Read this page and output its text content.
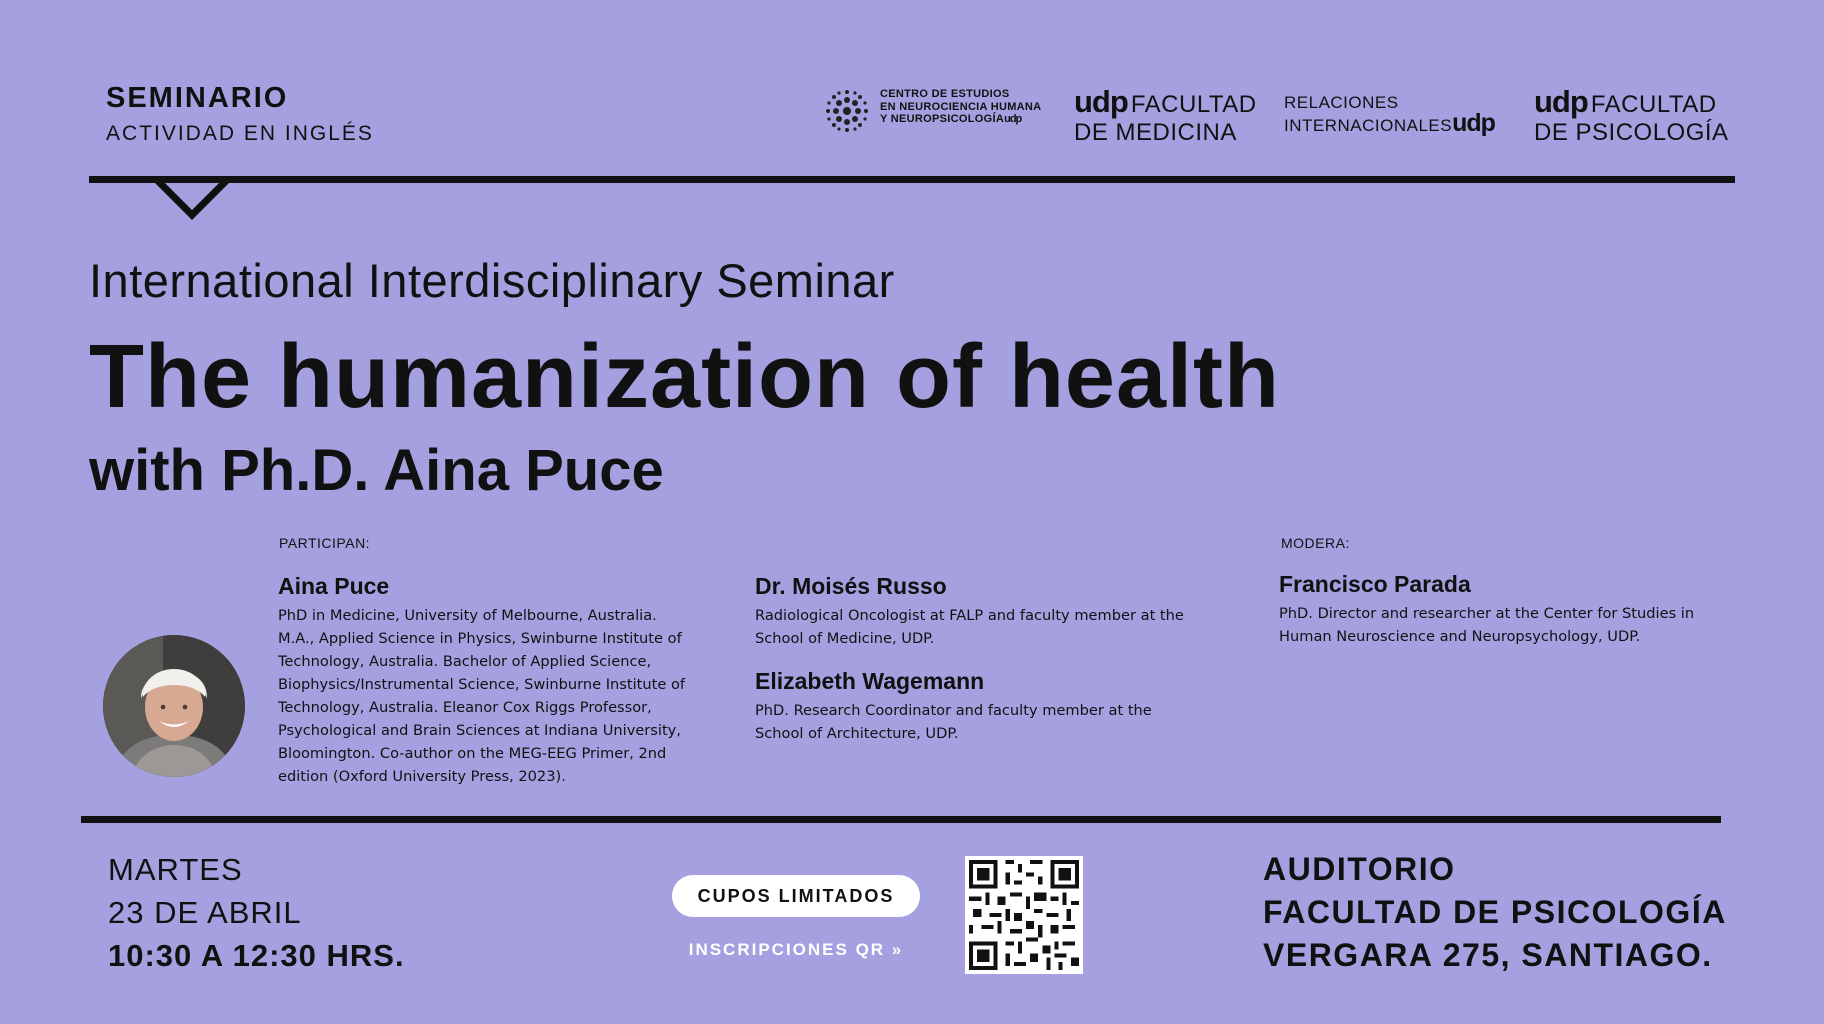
SEMINARIO
ACTIVIDAD EN INGLÉS
CENTRO DE ESTUDIOS
EN NEUROCIENCIA HUMANA
Y NEUROPSICOLOGÍAudp

udp FACULTAD
DE MEDICINA
RELACIONES
INTERNACIONALESudp
udp FACULTAD
DE PSICOLOGÍA
International Interdisciplinary Seminar
The humanization of health
with Ph.D. Aina Puce
PARTICIPAN:
Aina Puce
PhD in Medicine, University of Melbourne, Australia.
M.A., Applied Science in Physics, Swinburne Institute of
Technology, Australia. Bachelor of Applied Science,
Biophysics/Instrumental Science, Swinburne Institute of
Technology, Australia. Eleanor Cox Riggs Professor,
Psychological and Brain Sciences at Indiana University,
Bloomington. Co-author on the MEG-EEG Primer, 2nd
edition (Oxford University Press, 2023).
Dr. Moisés Russo
Radiological Oncologist at FALP and faculty member at the
School of Medicine, UDP.
Elizabeth Wagemann
PhD. Research Coordinator and faculty member at the
School of Architecture, UDP.
MODERA:
Francisco Parada
PhD. Director and researcher at the Center for Studies in
Human Neuroscience and Neuropsychology, UDP.
MARTES
23 DE ABRIL
10:30 A 12:30 HRS.
CUPOS LIMITADOS
INSCRIPCIONES QR »
AUDITORIO
FACULTAD DE PSICOLOGÍA
VERGARA 275, SANTIAGO.
